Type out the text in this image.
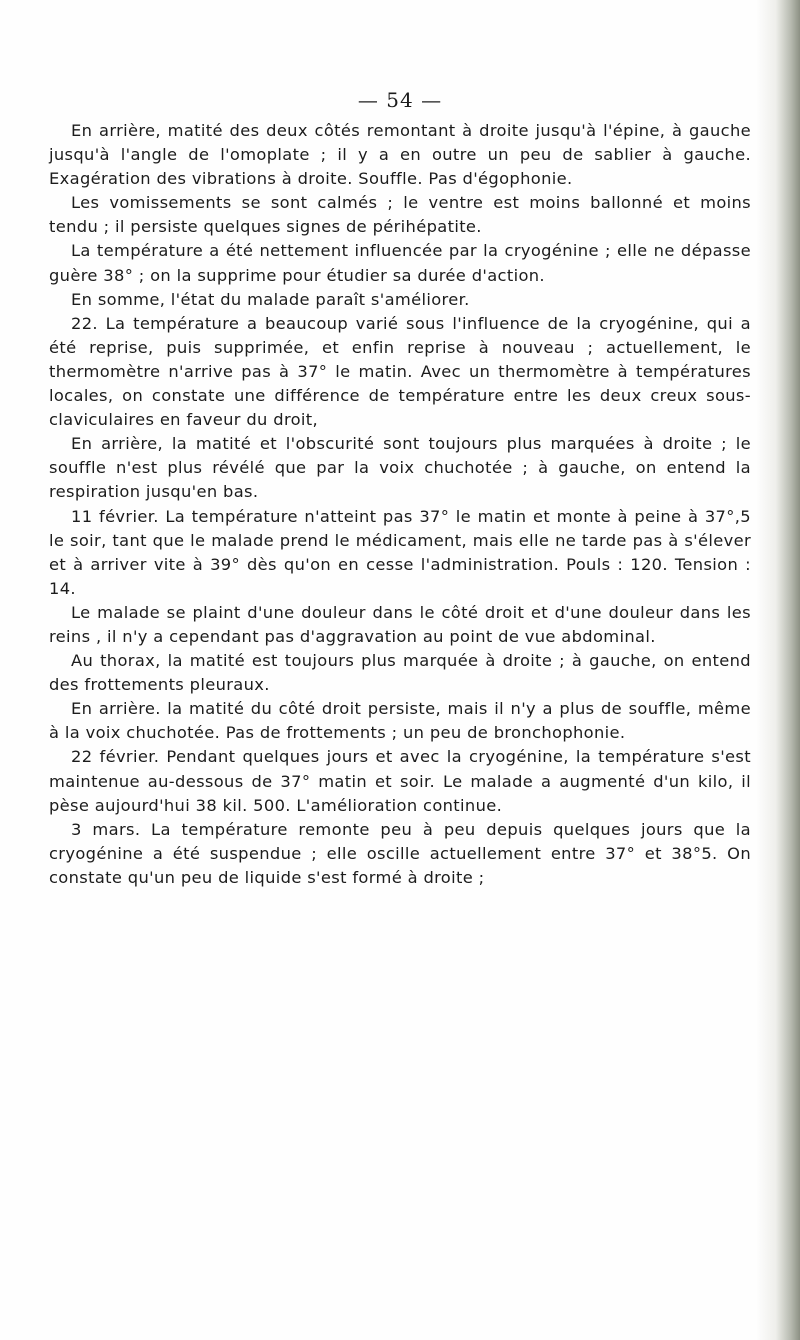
— 54 —

En arrière, matité des deux côtés remontant à droite jusqu'à l'épine, à gauche jusqu'à l'angle de l'omoplate ; il y a en outre un peu de sablier à gauche. Exagération des vibrations à droite. Souffle. Pas d'égophonie.

Les vomissements se sont calmés ; le ventre est moins ballonné et moins tendu ; il persiste quelques signes de périhépatite.

La température a été nettement influencée par la cryogénine ; elle ne dépasse guère 38° ; on la supprime pour étudier sa durée d'action.

En somme, l'état du malade paraît s'améliorer.

22. La température a beaucoup varié sous l'influence de la cryogénine, qui a été reprise, puis supprimée, et enfin reprise à nouveau ; actuellement, le thermomètre n'arrive pas à 37° le matin. Avec un thermomètre à températures locales, on constate une différence de température entre les deux creux sous-claviculaires en faveur du droit,

En arrière, la matité et l'obscurité sont toujours plus marquées à droite ; le souffle n'est plus révélé que par la voix chuchotée ; à gauche, on entend la respiration jusqu'en bas.

11 février. La température n'atteint pas 37° le matin et monte à peine à 37°,5 le soir, tant que le malade prend le médicament, mais elle ne tarde pas à s'élever et à arriver vite à 39° dès qu'on en cesse l'administration. Pouls : 120. Tension : 14.

Le malade se plaint d'une douleur dans le côté droit et d'une douleur dans les reins , il n'y a cependant pas d'aggravation au point de vue abdominal.

Au thorax, la matité est toujours plus marquée à droite ; à gauche, on entend des frottements pleuraux.

En arrière. la matité du côté droit persiste, mais il n'y a plus de souffle, même à la voix chuchotée. Pas de frottements ; un peu de bronchophonie.

22 février. Pendant quelques jours et avec la cryogénine, la température s'est maintenue au-dessous de 37° matin et soir. Le malade a augmenté d'un kilo, il pèse aujourd'hui 38 kil. 500. L'amélioration continue.

3 mars. La température remonte peu à peu depuis quelques jours que la cryogénine a été suspendue ; elle oscille actuellement entre 37° et 38°5. On constate qu'un peu de liquide s'est formé à droite ;
